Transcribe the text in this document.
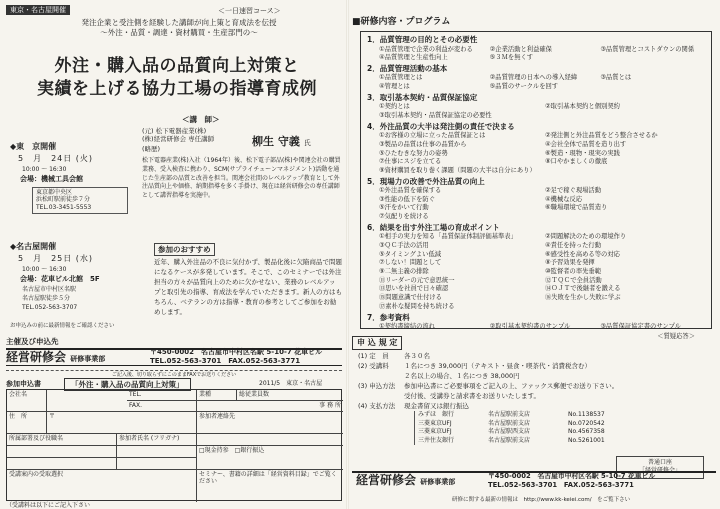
東京・名古屋開催	＜一日速習コース＞
発注企業と受注側を経験した講師が向上策と育成法を伝授
～外注・品質・調達・資材購買・生産部門の～
外注・購入品の品質向上対策と
実績を上げる協力工場の指導育成例
◆東　京開催
5　月　24日 (火)
10:00 ～ 16:30
会場：機械工具会館
東京都中央区
浜松町駅前徒歩７分
TEL.03-3451-5553
◆名古屋開催
5　月　25日 (水)
10:00 ～ 16:30
会場：花車ビル北館　5F
名古屋市中村区名駅
名古屋駅徒歩５分
TEL.052-563-3707
＜講　師＞
(元) 松下電器産業(株)
(株)経営研修会 専任講師	柳生 守義 氏
(略歴)
松下電器産業(株)入社（1964年）後、松下電子部品(株)や関連会社の購買業務、受入検査に携わり、SCM(サプライチェーンマネジメント)活動を通じた生産部の品質と改善を担当。関連会社間のレベルアップ教育として外注品質向上や価格、納期指導を多く手掛け、現在は経営研修会の専任講師として講習指導を実施中。
参加のおすすめ
近年、購入外注品の不良に気付かず、製品化後に欠陥商品で問題になるケースが多発しています。そこで、このセミナーでは外注担当の方々が品質向上のために欠かせない、業務のレベルアップと取引先の指導、育成法を学んでいただきます。新人の方はもちろん、ベテランの方は指導・教育の参考としてご参加をお勧めします。
お申込みの前に最新情報をご確認ください
主催及び申込先
経営研修会 研修事業部
〒450-0002　名古屋市中村区名駅 5-10-7 花車ビル
TEL.052-563-3701　FAX.052-563-3771
ご記入後、切り取らずにこのままFAXでお送りください
参加申込書	「外注・購入品の品質向上対策」	2011/5　東京・名古屋
会社名	TEL.
FAX.
業種	総従業員数
事 務 所
住　所	〒	参加者連絡先
所属部署及び役職名	参加者氏名 (フリガナ)
□現金持参　□銀行振込
受講案内の受取選択	セミナー、書籍の詳細は「経営資料目録」でご覧ください
（受講料は以下にご記入下さい
■研修内容・プログラム
1．品質管理の目的とその必要性
①品質管理で企業の利益が変わる	②企業活動と利益確保	③品質管理とコストダウンの関係
④品質管理と生産性向上	⑤３Ｍを無くす
2．品質管理活動の基本
①品質管理とは	②品質管理の日本への導入経緯	③品質とは
④管理とは	⑤品質のサークルを回す
3．取引基本契約・品質保証協定
①契約とは	②取引基本契約と個別契約
③取引基本契約・品質保証協定の必要性
4．外注品質の大半は発注側の責任で決まる
①お客様の立場に立った品質保証とは	②発注側と外注品質をどう整合させるか
③製品の品質は仕事の品質から	④会社全体で品質を造り出す
⑤ひたむきな努力の姿勢	⑥製造・現物・現実の実践
⑦仕事にスジを立てる	⑧口やかましくの徹底
⑨資材購買を取り巻く課題（問題の大半は自分にあり）
5．現場力の改善で外注品質の向上
①外注品質を確保する	②足で稼ぐ現場活動
③性能の低下を防ぐ	④機械な反応
⑤汗をかいて行動	⑥職場環境で品質造り
⑦気配りを続ける
6．結果を出す外注工場の育成ポイント
①相手の実力を知る「品質保証体制評価基準表」	②問題解決のための環境作り
③ＱＣ手法の活用	④責任を持った行動
⑤タイミングよい低減	⑥感受性を高める等の対応
⑦しない！問題として	⑧予習効果を発揮
⑨二無主義の排除	⑩監督者の率先垂範
⑪リーダーの元で意思統一	⑫ＴＱＣで全員活動
⑬思いを社員で日々確認	⑭ＯＪＴで後継者を鍛える
⑮問題意識で仕付ける	⑯失敗を生かし失敗に学ぶ
⑰素朴な疑問を持ち続ける
7．参考資料
①契約書締結の流れ	②取引基本契約書のサンプル	③品質保証協定書のサンプル
＜質疑応答＞
申 込 規 定
(1) 定　員	各３０名
(2) 受講料	１名につき 39,000円（テキスト・昼食・喫茶代・消費税含む）
２名以上の場合、１名につき 38,000円
(3) 申込方法	参加申込書にご必要事項をご記入の上、ファックス郵便でお送り下さい。
受付後、受講券と請求書をお送りいたします。
(4) 支払方法	現金書留又は銀行振込
みずほ　銀行	名古屋駅前支店	No.1138537
三菱東京UFJ	名古屋駅前支店	No.0720542
三菱東京UFJ	名古屋駅西支店	No.4567358
三井住友銀行	名古屋駅前支店	No.5261001
普通口座
「経営研修会」
経営研修会 研修事業部
〒450-0002　名古屋市中村区名駅 5-10-7 花車ビル
TEL.052-563-3701　FAX.052-563-3771
研修に関する最新の情報は　http://www.kk-keiei.com/　をご覧下さい
